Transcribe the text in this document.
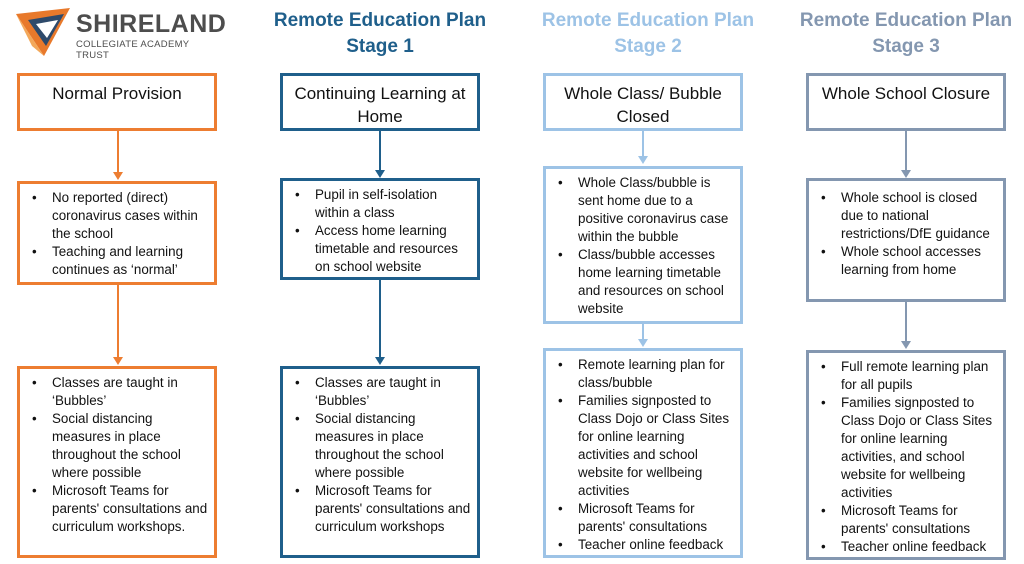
SHIRELAND
COLLEGIATE ACADEMY TRUST
Remote Education Plan
Stage 1
Remote Education Plan
Stage 2
Remote Education Plan
Stage 3
Normal Provision
• No reported (direct) coronavirus cases within the school
• Teaching and learning continues as ‘normal’
• Classes are taught in ‘Bubbles’
• Social distancing measures in place throughout the school where possible
• Microsoft Teams for parents' consultations and curriculum workshops.
Continuing Learning at Home
• Pupil in self-isolation within a class
• Access home learning timetable and resources on school website
• Classes are taught in ‘Bubbles’
• Social distancing measures in place throughout the school where possible
• Microsoft Teams for parents' consultations and curriculum workshops
Whole Class/ Bubble Closed
• Whole Class/bubble is sent home due to a positive coronavirus case within the bubble
• Class/bubble accesses home learning timetable and resources on school website
• Remote learning plan for class/bubble
• Families signposted to Class Dojo or Class Sites for online learning activities and school website for wellbeing activities
• Microsoft Teams for parents' consultations
• Teacher online feedback
Whole School Closure
• Whole school is closed due to national restrictions/DfE guidance
• Whole school accesses learning from home
• Full remote learning plan for all pupils
• Families signposted to Class Dojo or Class Sites for online learning activities, and school website for wellbeing activities
• Microsoft Teams for parents' consultations
• Teacher online feedback
